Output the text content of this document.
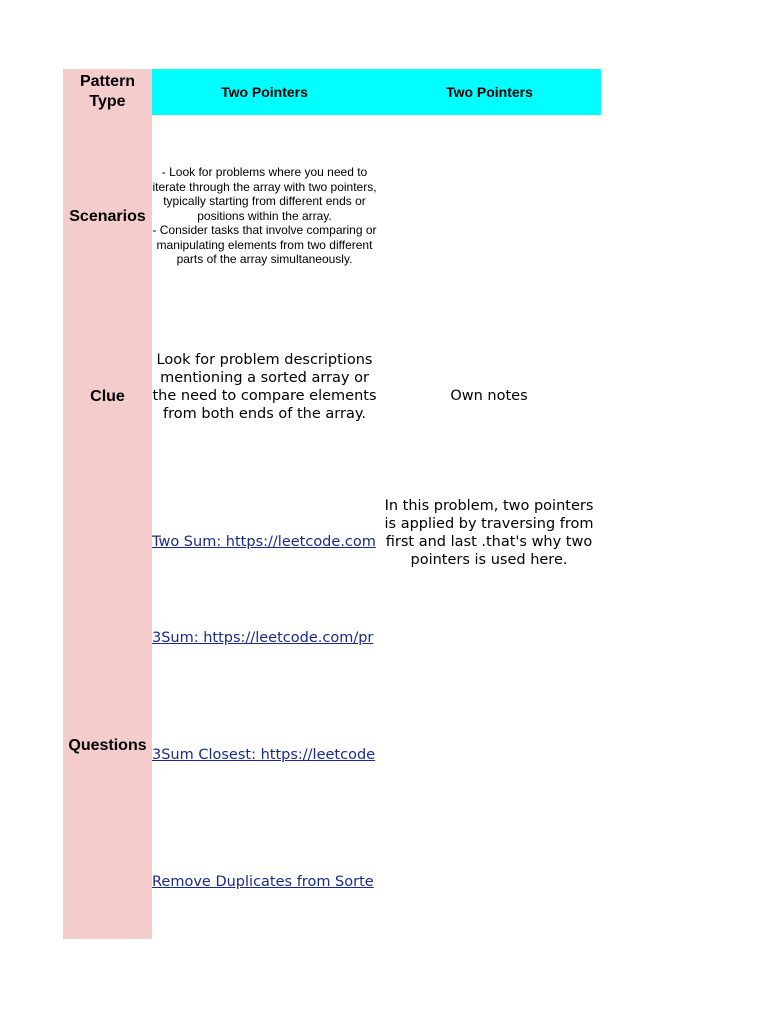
Pattern Type
Two Pointers	Two Pointers
Scenarios
- Look for problems where you need to iterate through the array with two pointers, typically starting from different ends or positions within the array.
- Consider tasks that involve comparing or manipulating elements from two different parts of the array simultaneously.
Clue
Look for problem descriptions mentioning a sorted array or the need to compare elements from both ends of the array.
Own notes
In this problem, two pointers is applied by traversing from first and last .that's why two pointers is used here.
Two Sum: https://leetcode.com
3Sum: https://leetcode.com/pr
Questions
3Sum Closest: https://leetcode
Remove Duplicates from Sorte
